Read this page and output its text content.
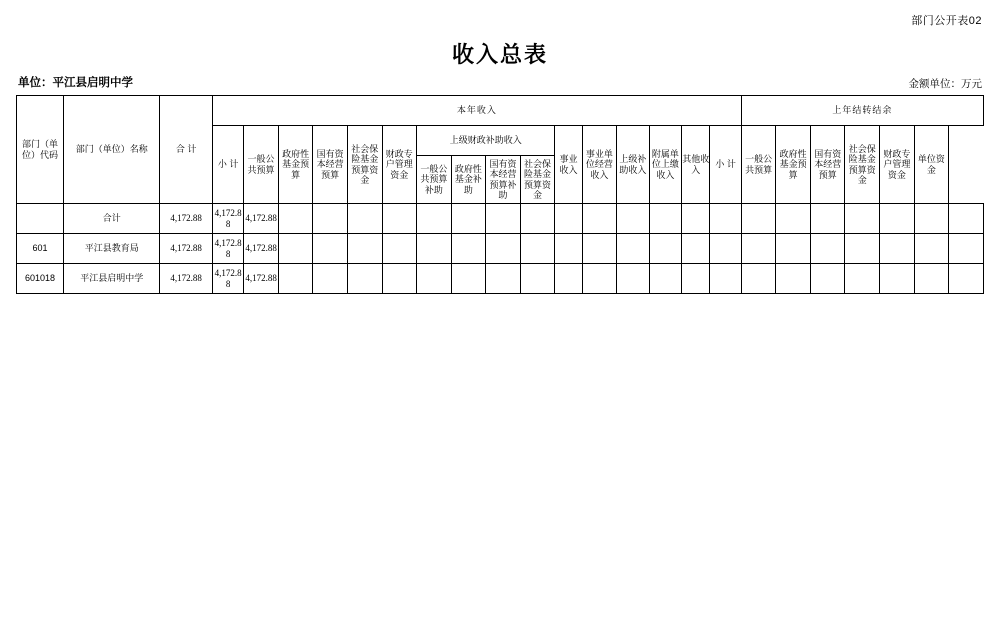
部门公开表02
收入总表
单位：平江县启明中学	金额单位：万元
部门（单位）代码	部门（单位）名称	合 计	本年收入																上年结转结余						
			小 计	一般公共预算	政府性基金预算	国有资本经营预算	社会保险基金预算资金	财政专户管理资金	上级财政补助收入				事业收入	事业单位经营收入	上级补助收入	附属单位上缴收入	其他收入	小 计	一般公共预算	政府性基金预算	国有资本经营预算	社会保险基金预算资金	财政专户管理资金	单位资金	
									一般公共预算补助	政府性基金补助	国有资本经营预算补助	社会保险基金预算资金													

	合计	4,172.88	4,172.88	4,172.88																					
601	平江县教育局	4,172.88	4,172.88	4,172.88																					
601018	平江县启明中学	4,172.88	4,172.88	4,172.88																					
